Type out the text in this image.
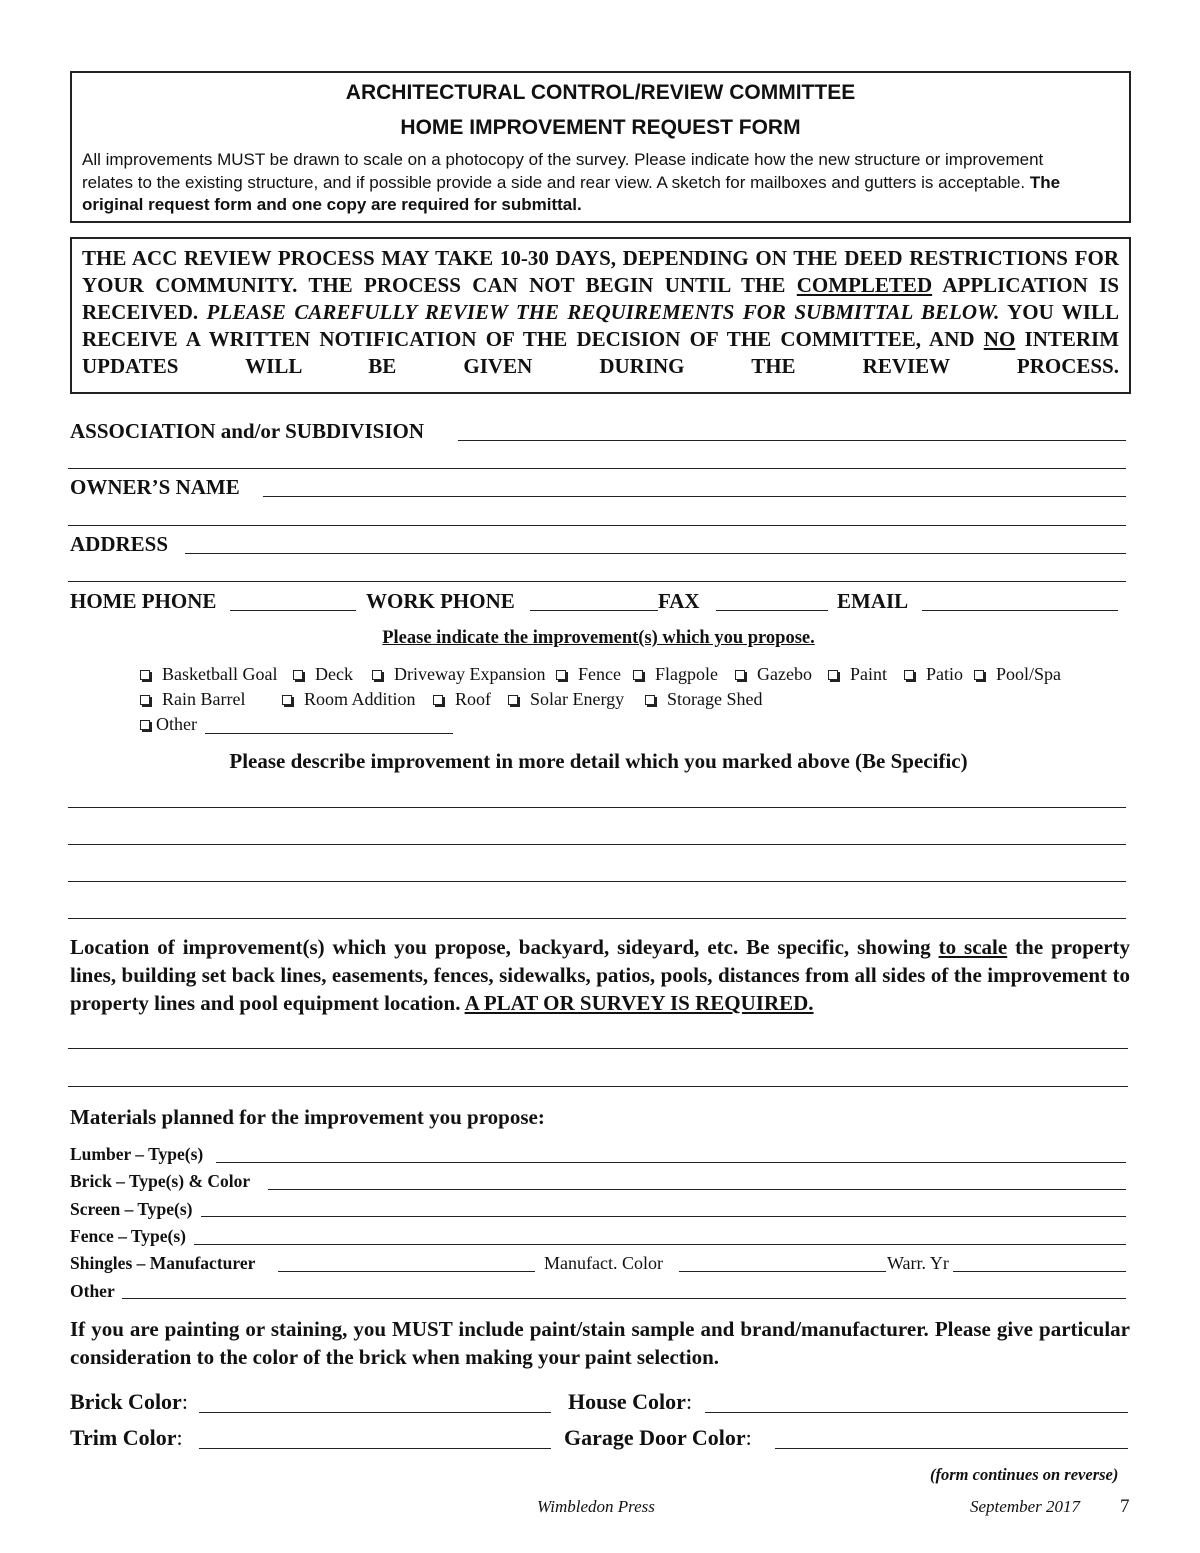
ARCHITECTURAL CONTROL/REVIEW COMMITTEE
HOME IMPROVEMENT REQUEST FORM
All improvements MUST be drawn to scale on a photocopy of the survey. Please indicate how the new structure or improvement relates to the existing structure, and if possible provide a side and rear view. A sketch for mailboxes and gutters is acceptable. The original request form and one copy are required for submittal.
THE ACC REVIEW PROCESS MAY TAKE 10-30 DAYS, DEPENDING ON THE DEED RESTRICTIONS FOR YOUR COMMUNITY. THE PROCESS CAN NOT BEGIN UNTIL THE COMPLETED APPLICATION IS RECEIVED. PLEASE CAREFULLY REVIEW THE REQUIREMENTS FOR SUBMITTAL BELOW. YOU WILL RECEIVE A WRITTEN NOTIFICATION OF THE DECISION OF THE COMMITTEE, AND NO INTERIM UPDATES WILL BE GIVEN DURING THE REVIEW PROCESS.
ASSOCIATION and/or SUBDIVISION
OWNER’S NAME
ADDRESS
HOME PHONE	WORK PHONE	FAX	EMAIL
Please indicate the improvement(s) which you propose.
Basketball Goal Deck Driveway Expansion Fence Flagpole Gazebo Paint Patio Pool/Spa
Rain Barrel	Room Addition Roof Solar Energy Storage Shed
Other
Please describe improvement in more detail which you marked above (Be Specific)
Location of improvement(s) which you propose, backyard, sideyard, etc. Be specific, showing to scale the property lines, building set back lines, easements, fences, sidewalks, patios, pools, distances from all sides of the improvement to property lines and pool equipment location. A PLAT OR SURVEY IS REQUIRED.
Materials planned for the improvement you propose:
Lumber – Type(s)
Brick – Type(s) & Color
Screen – Type(s)
Fence – Type(s)
Shingles – Manufacturer	Manufact. Color	Warr. Yr
Other
If you are painting or staining, you MUST include paint/stain sample and brand/manufacturer. Please give particular consideration to the color of the brick when making your paint selection.
Brick Color:	House Color:
Trim Color:	Garage Door Color:
(form continues on reverse)
Wimbledon Press	September 2017 7
